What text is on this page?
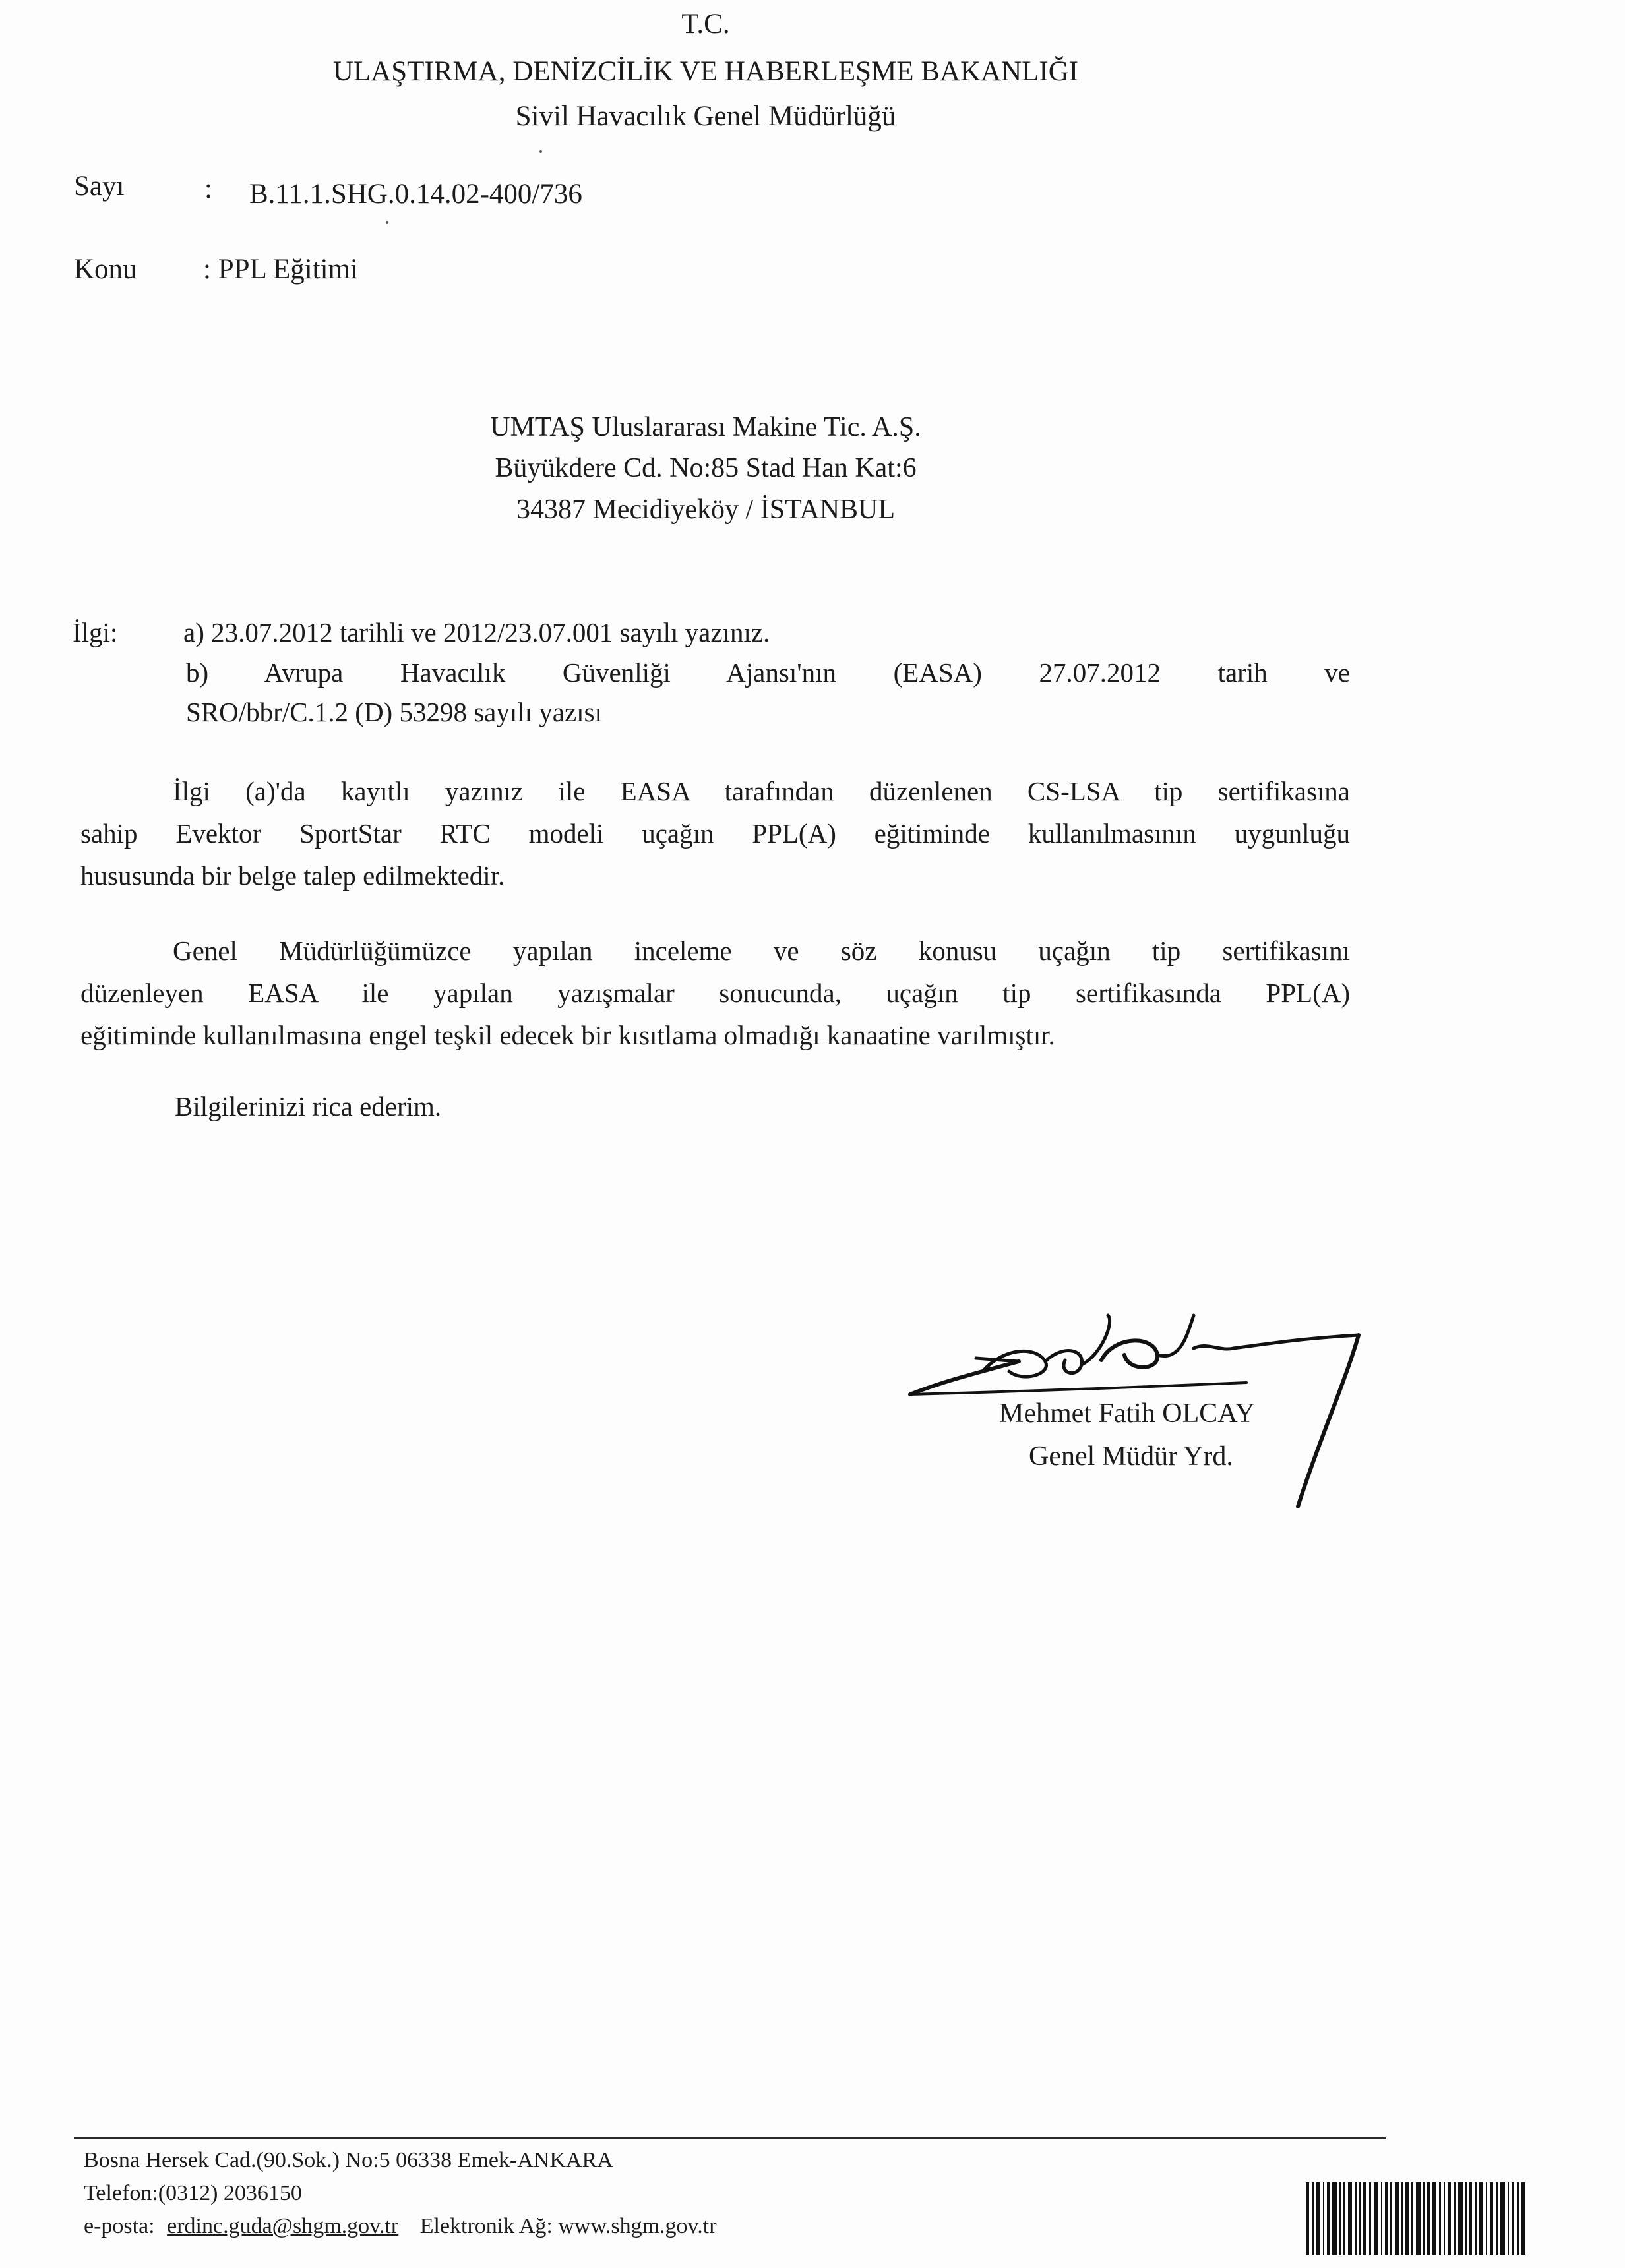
T.C.
ULAŞTIRMA, DENİZCİLİK VE HABERLEŞME BAKANLIĞI
Sivil Havacılık Genel Müdürlüğü
Sayı	: B.11.1.SHG.0.14.02-400/736
Konu : PPL Eğitimi
UMTAŞ Uluslararası Makine Tic. A.Ş.
Büyükdere Cd. No:85 Stad Han Kat:6
34387 Mecidiyeköy / İSTANBUL
İlgi: a) 23.07.2012 tarihli ve 2012/23.07.001 sayılı yazınız.
b) Avrupa Havacılık Güvenliği Ajansı'nın (EASA) 27.07.2012 tarih ve
SRO/bbr/C.1.2 (D) 53298 sayılı yazısı
İlgi (a)'da kayıtlı yazınız ile EASA tarafından düzenlenen CS-LSA tip sertifikasına
sahip Evektor SportStar RTC modeli uçağın PPL(A) eğitiminde kullanılmasının uygunluğu
hususunda bir belge talep edilmektedir.
Genel Müdürlüğümüzce yapılan inceleme ve söz konusu uçağın tip sertifikasını
düzenleyen EASA ile yapılan yazışmalar sonucunda, uçağın tip sertifikasında PPL(A)
eğitiminde kullanılmasına engel teşkil edecek bir kısıtlama olmadığı kanaatine varılmıştır.
Bilgilerinizi rica ederim.
Mehmet Fatih OLCAY
Genel Müdür Yrd.
Bosna Hersek Cad.(90.Sok.) No:5 06338 Emek-ANKARA
Telefon:(0312) 2036150
e-posta: erdinc.guda@shgm.gov.tr Elektronik Ağ: www.shgm.gov.tr
